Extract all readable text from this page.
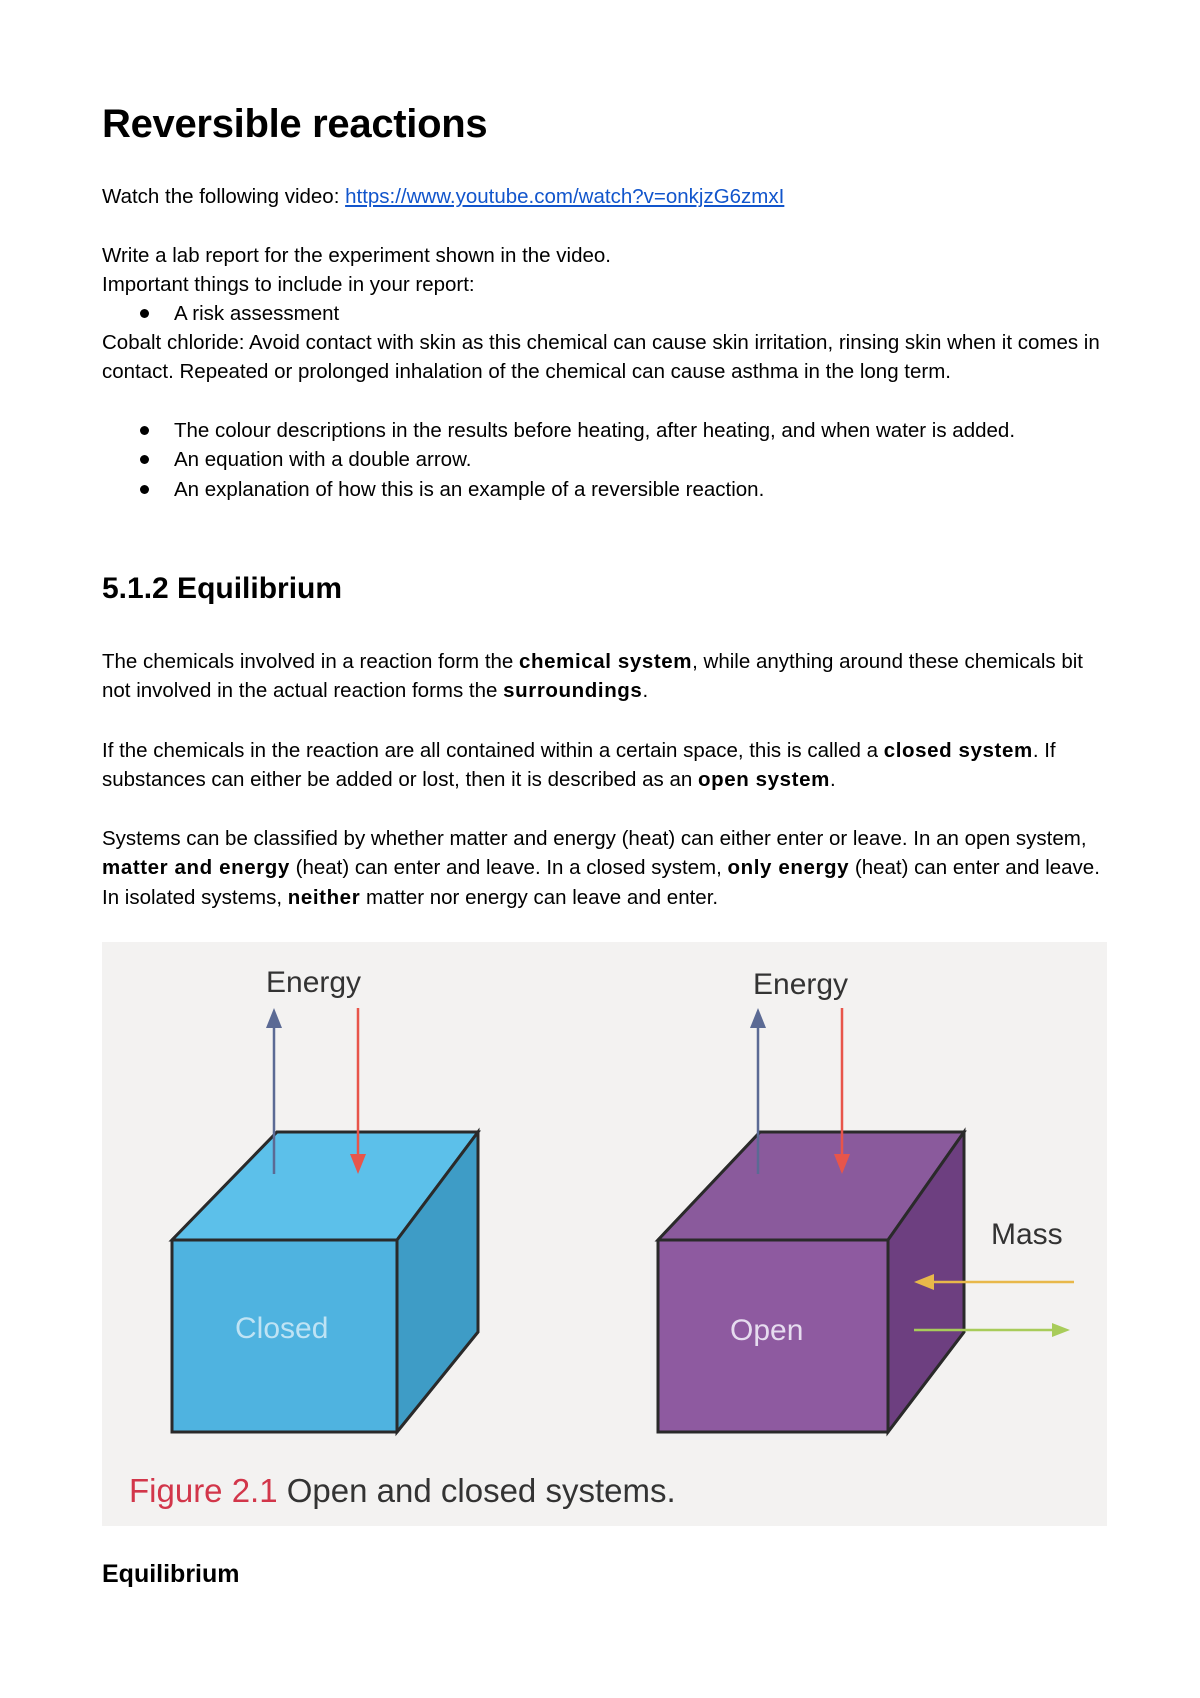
Reversible reactions

Watch the following video: https://www.youtube.com/watch?v=onkjzG6zmxI

Write a lab report for the experiment shown in the video.

Important things to include in your report:

A risk assessment

Cobalt chloride: Avoid contact with skin as this chemical can cause skin irritation, rinsing skin when it comes in contact. Repeated or prolonged inhalation of the chemical can cause asthma in the long term.

The colour descriptions in the results before heating, after heating, and when water is added.
An equation with a double arrow.
An explanation of how this is an example of a reversible reaction.
5.1.2 Equilibrium

The chemicals involved in a reaction form the chemical system, while anything around these chemicals bit not involved in the actual reaction forms the surroundings.

If the chemicals in the reaction are all contained within a certain space, this is called a closed system. If substances can either be added or lost, then it is described as an open system.

Systems can be classified by whether matter and energy (heat) can either enter or leave. In an open system, matter and energy (heat) can enter and leave. In a closed system, only energy (heat) can enter and leave. In isolated systems, neither matter nor energy can leave and enter.

Energy	Energy
Mass
Closed	Open
Figure 2.1 Open and closed systems.

Equilibrium
